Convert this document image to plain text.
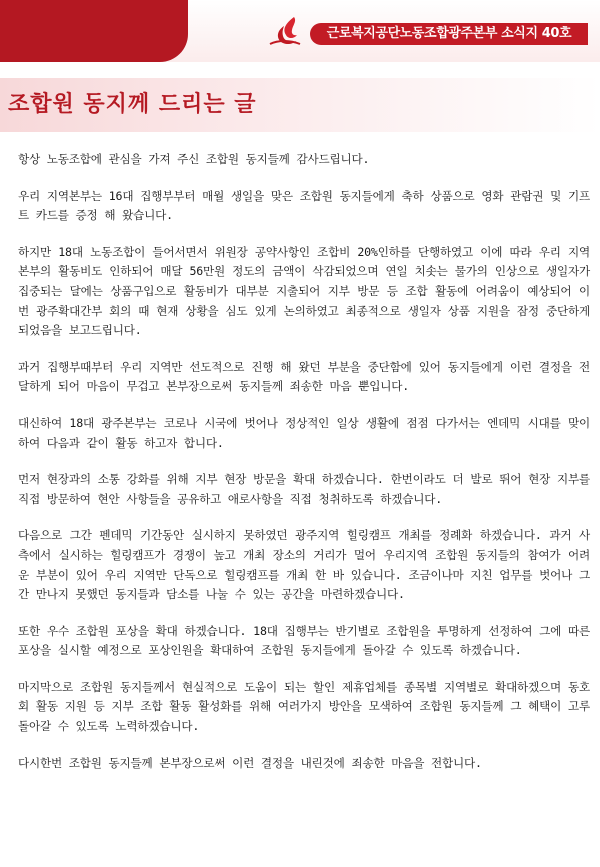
근로복지공단노동조합광주본부 소식지 40호
조합원 동지께 드리는 글

항상 노동조합에 관심을 가져 주신 조합원 동지들께 감사드립니다.

우리 지역본부는 16대 집행부부터 매월 생일을 맞은 조합원 동지들에게 축하 상품으로 영화 관람권 및 기프트 카드를 증정 해 왔습니다.

하지만 18대 노동조합이 들어서면서 위원장 공약사항인 조합비 20%인하를 단행하였고 이에 따라 우리 지역본부의 활동비도 인하되어 매달 56만원 정도의 금액이 삭감되었으며 연일 치솟는 물가의 인상으로 생일자가 집중되는 달에는 상품구입으로 활동비가 대부분 지출되어 지부 방문 등 조합 활동에 어려움이 예상되어 이번 광주확대간부 회의 때 현재 상황을 심도 있게 논의하였고 최종적으로 생일자 상품 지원을 잠정 중단하게 되었음을 보고드립니다.

과거 집행부때부터 우리 지역만 선도적으로 진행 해 왔던 부분을 중단함에 있어 동지들에게 이런 결정을 전달하게 되어 마음이 무겁고 본부장으로써 동지들께 죄송한 마음 뿐입니다.

대신하여 18대 광주본부는 코로나 시국에 벗어나 정상적인 일상 생활에 점점 다가서는 엔데믹 시대를 맞이하여 다음과 같이 활동 하고자 합니다.

먼저 현장과의 소통 강화를 위해 지부 현장 방문을 확대 하겠습니다. 한번이라도 더 발로 뛰어 현장 지부를 직접 방문하여 현안 사항들을 공유하고 애로사항을 직접 청취하도록 하겠습니다.

다음으로 그간 펜데믹 기간동안 실시하지 못하였던 광주지역 힐링캠프 개최를 정례화 하겠습니다. 과거 사측에서 실시하는 힐링캠프가 경쟁이 높고 개최 장소의 거리가 멀어 우리지역 조합원 동지들의 참여가 어려운 부분이 있어 우리 지역만 단독으로 힐링캠프를 개최 한 바 있습니다. 조금이나마 지친 업무를 벗어나 그간 만나지 못했던 동지들과 담소를 나눌 수 있는 공간을 마련하겠습니다.

또한 우수 조합원 포상을 확대 하겠습니다. 18대 집행부는 반기별로 조합원을 투명하게 선정하여 그에 따른 포상을 실시할 예정으로 포상인원을 확대하여 조합원 동지들에게 돌아갈 수 있도록 하겠습니다.

마지막으로 조합원 동지들께서 현실적으로 도움이 되는 할인 제휴업체를 종목별 지역별로 확대하겠으며 동호회 활동 지원 등 지부 조합 활동 활성화를 위해 여러가지 방안을 모색하여 조합원 동지들께 그 혜택이 고루 돌아갈 수 있도록 노력하겠습니다.

다시한번 조합원 동지들께 본부장으로써 이런 결정을 내린것에 죄송한 마음을 전합니다.
